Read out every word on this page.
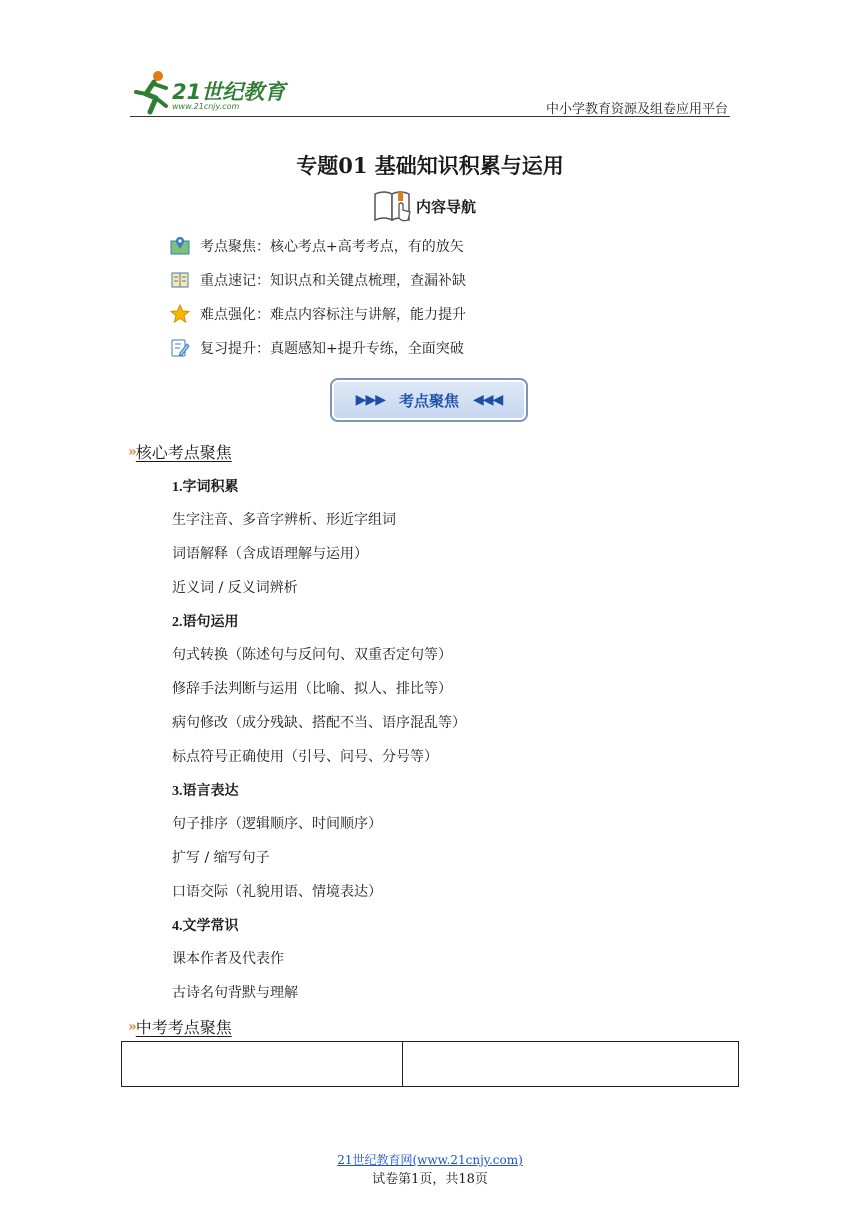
21世纪教育
www.21cnjy.com	中小学教育资源及组卷应用平台
专题01 基础知识积累与运用
内容导航
考点聚焦：核心考点+高考考点，有的放矢
重点速记：知识点和关键点梳理，查漏补缺
难点强化：难点内容标注与讲解，能力提升
复习提升：真题感知+提升专练，全面突破
▶▶▶ 考点聚焦 ◀◀◀
» 核心考点聚焦
1.字词积累
生字注音、多音字辨析、形近字组词
词语解释（含成语理解与运用）
近义词 / 反义词辨析
2.语句运用
句式转换（陈述句与反问句、双重否定句等）
修辞手法判断与运用（比喻、拟人、排比等）
病句修改（成分残缺、搭配不当、语序混乱等）
标点符号正确使用（引号、问号、分号等）
3.语言表达
句子排序（逻辑顺序、时间顺序）
扩写 / 缩写句子
口语交际（礼貌用语、情境表达）
4.文学常识
课本作者及代表作
古诗名句背默与理解
» 中考考点聚焦
21世纪教育网(www.21cnjy.com)
试卷第1页，共18页
